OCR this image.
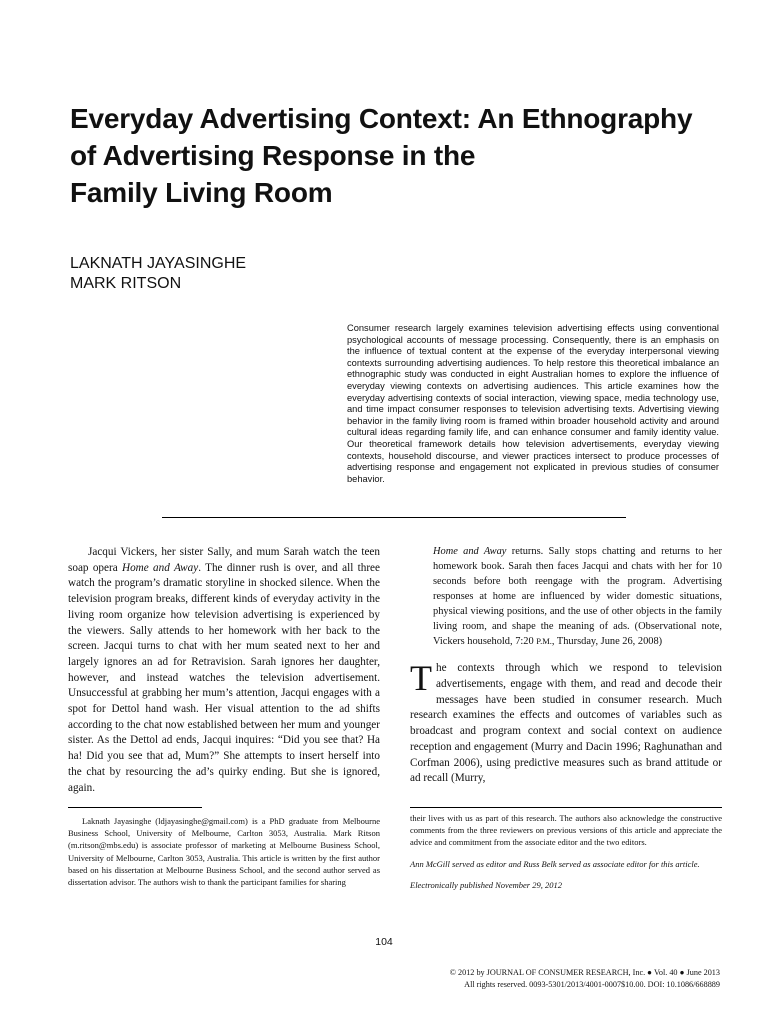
Everyday Advertising Context: An Ethnography
of Advertising Response in the
Family Living Room
LAKNATH JAYASINGHE
MARK RITSON

Consumer research largely examines television advertising effects using conventional psychological accounts of message processing. Consequently, there is an emphasis on the influence of textual content at the expense of the everyday interpersonal viewing contexts surrounding advertising audiences. To help restore this theoretical imbalance an ethnographic study was conducted in eight Australian homes to explore the influence of everyday viewing contexts on advertising audiences. This article examines how the everyday advertising contexts of social interaction, viewing space, media technology use, and time impact consumer responses to television advertising texts. Advertising viewing behavior in the family living room is framed within broader household activity and around cultural ideas regarding family life, and can enhance consumer and family identity value. Our theoretical framework details how television advertisements, everyday viewing contexts, household discourse, and viewer practices intersect to produce processes of advertising response and engagement not explicated in previous studies of consumer behavior.

Jacqui Vickers, her sister Sally, and mum Sarah watch the teen soap opera Home and Away. The dinner rush is over, and all three watch the program’s dramatic storyline in shocked silence. When the television program breaks, different kinds of everyday activity in the living room organize how television advertising is experienced by the viewers. Sally attends to her homework with her back to the screen. Jacqui turns to chat with her mum seated next to her and largely ignores an ad for Retravision. Sarah ignores her daughter, however, and instead watches the television advertisement. Unsuccessful at grabbing her mum’s attention, Jacqui engages with a spot for Dettol hand wash. Her visual attention to the ad shifts according to the chat now established between her mum and younger sister. As the Dettol ad ends, Jacqui inquires: “Did you see that? Ha ha! Did you see that ad, Mum?” She attempts to insert herself into the chat by resourcing the ad’s quirky ending. But she is ignored, again.

Home and Away returns. Sally stops chatting and returns to her homework book. Sarah then faces Jacqui and chats with her for 10 seconds before both reengage with the program. Advertising responses at home are influenced by wider domestic situations, physical viewing positions, and the use of other objects in the family living room, and shape the meaning of ads. (Observational note, Vickers household, 7:20 P.M., Thursday, June 26, 2008)

The contexts through which we respond to television advertisements, engage with them, and read and decode their messages have been studied in consumer research. Much research examines the effects and outcomes of variables such as broadcast and program context and social context on audience reception and engagement (Murry and Dacin 1996; Raghunathan and Corfman 2006), using predictive measures such as brand attitude or ad recall (Murry,

Laknath Jayasinghe (ldjayasinghe@gmail.com) is a PhD graduate from Melbourne Business School, University of Melbourne, Carlton 3053, Australia. Mark Ritson (m.ritson@mbs.edu) is associate professor of marketing at Melbourne Business School, University of Melbourne, Carlton 3053, Australia. This article is written by the first author based on his dissertation at Melbourne Business School, and the second author served as dissertation advisor. The authors wish to thank the participant families for sharing

their lives with us as part of this research. The authors also acknowledge the constructive comments from the three reviewers on previous versions of this article and appreciate the advice and commitment from the associate editor and the two editors.

Ann McGill served as editor and Russ Belk served as associate editor for this article.

Electronically published November 29, 2012

104
© 2012 by JOURNAL OF CONSUMER RESEARCH, Inc. ● Vol. 40 ● June 2013
All rights reserved. 0093-5301/2013/4001-0007$10.00. DOI: 10.1086/668889
